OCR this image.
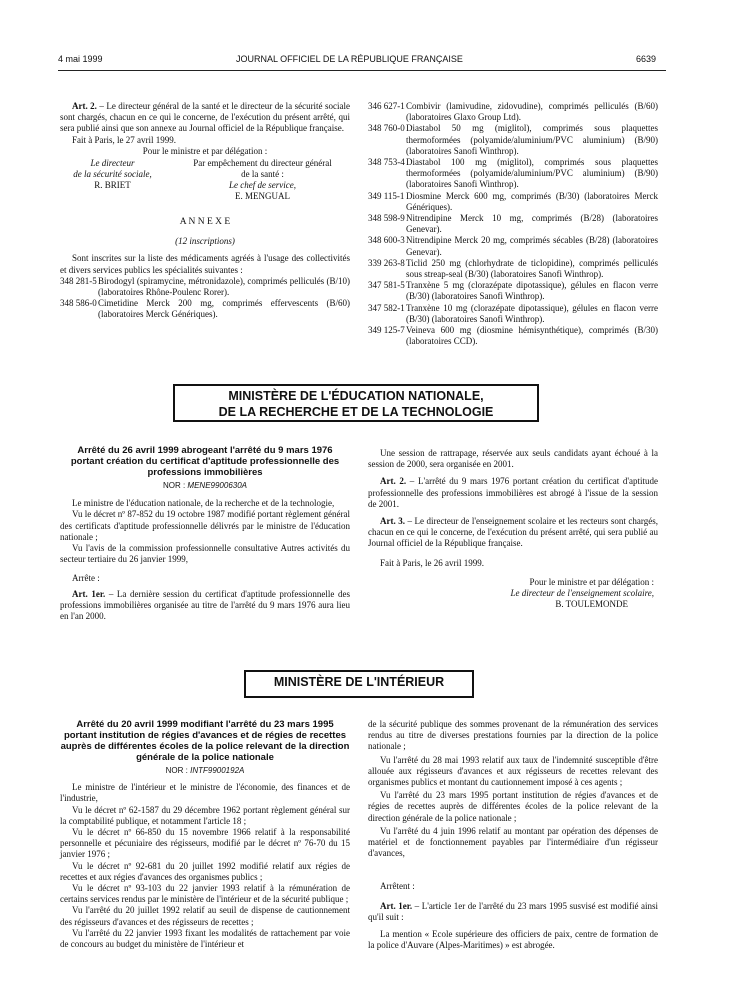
4 mai 1999	JOURNAL OFFICIEL DE LA RÉPUBLIQUE FRANÇAISE	6639

Art. 2. – Le directeur général de la santé et le directeur de la sécurité sociale sont chargés, chacun en ce qui le concerne, de l'exécution du présent arrêté, qui sera publié ainsi que son annexe au Journal officiel de la République française.

Fait à Paris, le 27 avril 1999.

Pour le ministre et par délégation :

Le directeur
de la sécurité sociale,
R. BRIET
Par empêchement du directeur général
de la santé :
Le chef de service,
E. MENGUAL

A N N E X E

(12 inscriptions)

Sont inscrites sur la liste des médicaments agréés à l'usage des collectivités et divers services publics les spécialités suivantes :

348 281-5 Birodogyl (spiramycine, métronidazole), comprimés pelliculés (B/10) (laboratoires Rhône-Poulenc Rorer).
348 586-0 Cimetidine Merck 200 mg, comprimés effervescents (B/60) (laboratoires Merck Génériques).
346 627-1 Combivir (lamivudine, zidovudine), comprimés pelliculés (B/60) (laboratoires Glaxo Group Ltd).
348 760-0 Diastabol 50 mg (miglitol), comprimés sous plaquettes thermoformées (polyamide/aluminium/PVC aluminium) (B/90) (laboratoires Sanofi Winthrop).
348 753-4 Diastabol 100 mg (miglitol), comprimés sous plaquettes thermoformées (polyamide/aluminium/PVC aluminium) (B/90) (laboratoires Sanofi Winthrop).
349 115-1 Diosmine Merck 600 mg, comprimés (B/30) (laboratoires Merck Génériques).
348 598-9 Nitrendipine Merck 10 mg, comprimés (B/28) (laboratoires Genevar).
348 600-3 Nitrendipine Merck 20 mg, comprimés sécables (B/28) (laboratoires Genevar).
339 263-8 Ticlid 250 mg (chlorhydrate de ticlopidine), comprimés pelliculés sous streap-seal (B/30) (laboratoires Sanofi Winthrop).
347 581-5 Tranxène 5 mg (clorazépate dipotassique), gélules en flacon verre (B/30) (laboratoires Sanofi Winthrop).
347 582-1 Tranxène 10 mg (clorazépate dipotassique), gélules en flacon verre (B/30) (laboratoires Sanofi Winthrop).
349 125-7 Veineva 600 mg (diosmine hémisynthétique), comprimés (B/30) (laboratoires CCD).
MINISTÈRE DE L'ÉDUCATION NATIONALE,
DE LA RECHERCHE ET DE LA TECHNOLOGIE

Arrêté du 26 avril 1999 abrogeant l'arrêté du 9 mars 1976 portant création du certificat d'aptitude professionnelle des professions immobilières

NOR : MENE9900630A

Le ministre de l'éducation nationale, de la recherche et de la technologie,

Vu le décret nº 87-852 du 19 octobre 1987 modifié portant règlement général des certificats d'aptitude professionnelle délivrés par le ministre de l'éducation nationale ;

Vu l'avis de la commission professionnelle consultative Autres activités du secteur tertiaire du 26 janvier 1999,

Arrête :

Art. 1er. – La dernière session du certificat d'aptitude professionnelle des professions immobilières organisée au titre de l'arrêté du 9 mars 1976 aura lieu en l'an 2000.

Une session de rattrapage, réservée aux seuls candidats ayant échoué à la session de 2000, sera organisée en 2001.

Art. 2. – L'arrêté du 9 mars 1976 portant création du certificat d'aptitude professionnelle des professions immobilières est abrogé à l'issue de la session de 2001.

Art. 3. – Le directeur de l'enseignement scolaire et les recteurs sont chargés, chacun en ce qui le concerne, de l'exécution du présent arrêté, qui sera publié au Journal officiel de la République française.

Fait à Paris, le 26 avril 1999.

Pour le ministre et par délégation :

Le directeur de l'enseignement scolaire,

B. TOULEMONDE

MINISTÈRE DE L'INTÉRIEUR

Arrêté du 20 avril 1999 modifiant l'arrêté du 23 mars 1995 portant institution de régies d'avances et de régies de recettes auprès de différentes écoles de la police relevant de la direction générale de la police nationale

NOR : INTF9900192A

Le ministre de l'intérieur et le ministre de l'économie, des finances et de l'industrie,

Vu le décret nº 62-1587 du 29 décembre 1962 portant règlement général sur la comptabilité publique, et notamment l'article 18 ;

Vu le décret nº 66-850 du 15 novembre 1966 relatif à la responsabilité personnelle et pécuniaire des régisseurs, modifié par le décret nº 76-70 du 15 janvier 1976 ;

Vu le décret nº 92-681 du 20 juillet 1992 modifié relatif aux régies de recettes et aux régies d'avances des organismes publics ;

Vu le décret nº 93-103 du 22 janvier 1993 relatif à la rémunération de certains services rendus par le ministère de l'intérieur et de la sécurité publique ;

Vu l'arrêté du 20 juillet 1992 relatif au seuil de dispense de cautionnement des régisseurs d'avances et des régisseurs de recettes ;

Vu l'arrêté du 22 janvier 1993 fixant les modalités de rattachement par voie de concours au budget du ministère de l'intérieur et

de la sécurité publique des sommes provenant de la rémunération des services rendus au titre de diverses prestations fournies par la direction de la police nationale ;

Vu l'arrêté du 28 mai 1993 relatif aux taux de l'indemnité susceptible d'être allouée aux régisseurs d'avances et aux régisseurs de recettes relevant des organismes publics et montant du cautionnement imposé à ces agents ;

Vu l'arrêté du 23 mars 1995 portant institution de régies d'avances et de régies de recettes auprès de différentes écoles de la police relevant de la direction générale de la police nationale ;

Vu l'arrêté du 4 juin 1996 relatif au montant par opération des dépenses de matériel et de fonctionnement payables par l'intermédiaire d'un régisseur d'avances,

Arrêtent :

Art. 1er. – L'article 1er de l'arrêté du 23 mars 1995 susvisé est modifié ainsi qu'il suit :

La mention « Ecole supérieure des officiers de paix, centre de formation de la police d'Auvare (Alpes-Maritimes) » est abrogée.
